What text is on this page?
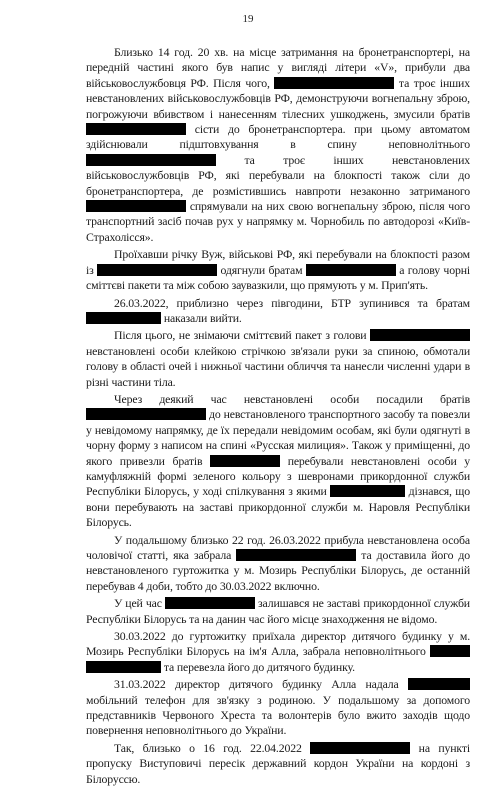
19

Близько 14 год. 20 хв. на місце затримання на бронетранспортері, на передній частині якого був напис у вигляді літери «V», прибули два військовослужбовця РФ. Після чого,	та троє інших невстановлених військовослужбовців РФ, демонструючи вогнепальну зброю, погрожуючи вбивством і нанесенням тілесних ушкоджень, змусили братів  сісти до бронетранспортера. при цьому автоматом здійснювали підштовхування в спину неповнолітнього  та троє інших невстановлених військовослужбовців РФ, які перебували на блокпості також сіли до бронетранспортера, де розмістившись навпроти незаконно затриманого  спрямували на них свою вогнепальну зброю, після чого транспортний засіб почав рух у напрямку м. Чорнобиль по автодорозі «Київ-Страхолісся».

Проїхавши річку Вуж, військові РФ, які перебували на блокпості разом із	одягнули братам	а голову чорні сміттєві пакети та між собою заувазкили, що прямують у м. Прип'ять.

26.03.2022, приблизно через півгодини, БТР зупинився та братам  наказали вийти.

Після цього, не знімаючи сміттєвий пакет з голови  невстановлені особи клейкою стрічкою зв'язали руки за спиною, обмотали голову в області очей і нижньої частини обличчя та нанесли численні удари в різні частини тіла.

Через деякий час невстановлені особи посадили братів  до невстановленого транспортного засобу та повезли у невідомому напрямку, де їх передали невідомим особам, які були одягнуті в чорну форму з написом на спині «Русская милиция». Також у приміщенні, до якого привезли братів	перебували невстановлені особи у камуфляжній формі зеленого кольору з шевронами прикордонної служби Республіки Білорусь, у ході спілкування з якими	дізнався, що вони перебувають на заставі прикордонної служби м. Наровля Республіки Білорусь.

У подальшому близько 22 год. 26.03.2022 прибула невстановлена особа чоловічої статті, яка забрала	та доставила його до невстановленого гуртожитка у м. Мозирь Республіки Білорусь, де останній перебував 4 доби, тобто до 30.03.2022 включно.

У цей час	залишався не заставі прикордонної служби Республіки Білорусь та на данин час його місце знаходження не відомо.

30.03.2022 до гуртожитку приїхала директор дитячого будинку у м. Мозирь Республіки Білорусь на ім'я Алла, забрала неповнолітнього   та перевезла його до дитячого будинку.

31.03.2022 директор дитячого будинку Алла надала  мобільний телефон для зв'язку з родиною. У подальшому за допомого представників Червоного Хреста та волонтерів було вжито заходів щодо повернення неповнолітнього до України.

Так, близько о 16 год. 22.04.2022	на пункті пропуску Виступовичі пересік державний кордон України на кордоні з Білоруссю.
